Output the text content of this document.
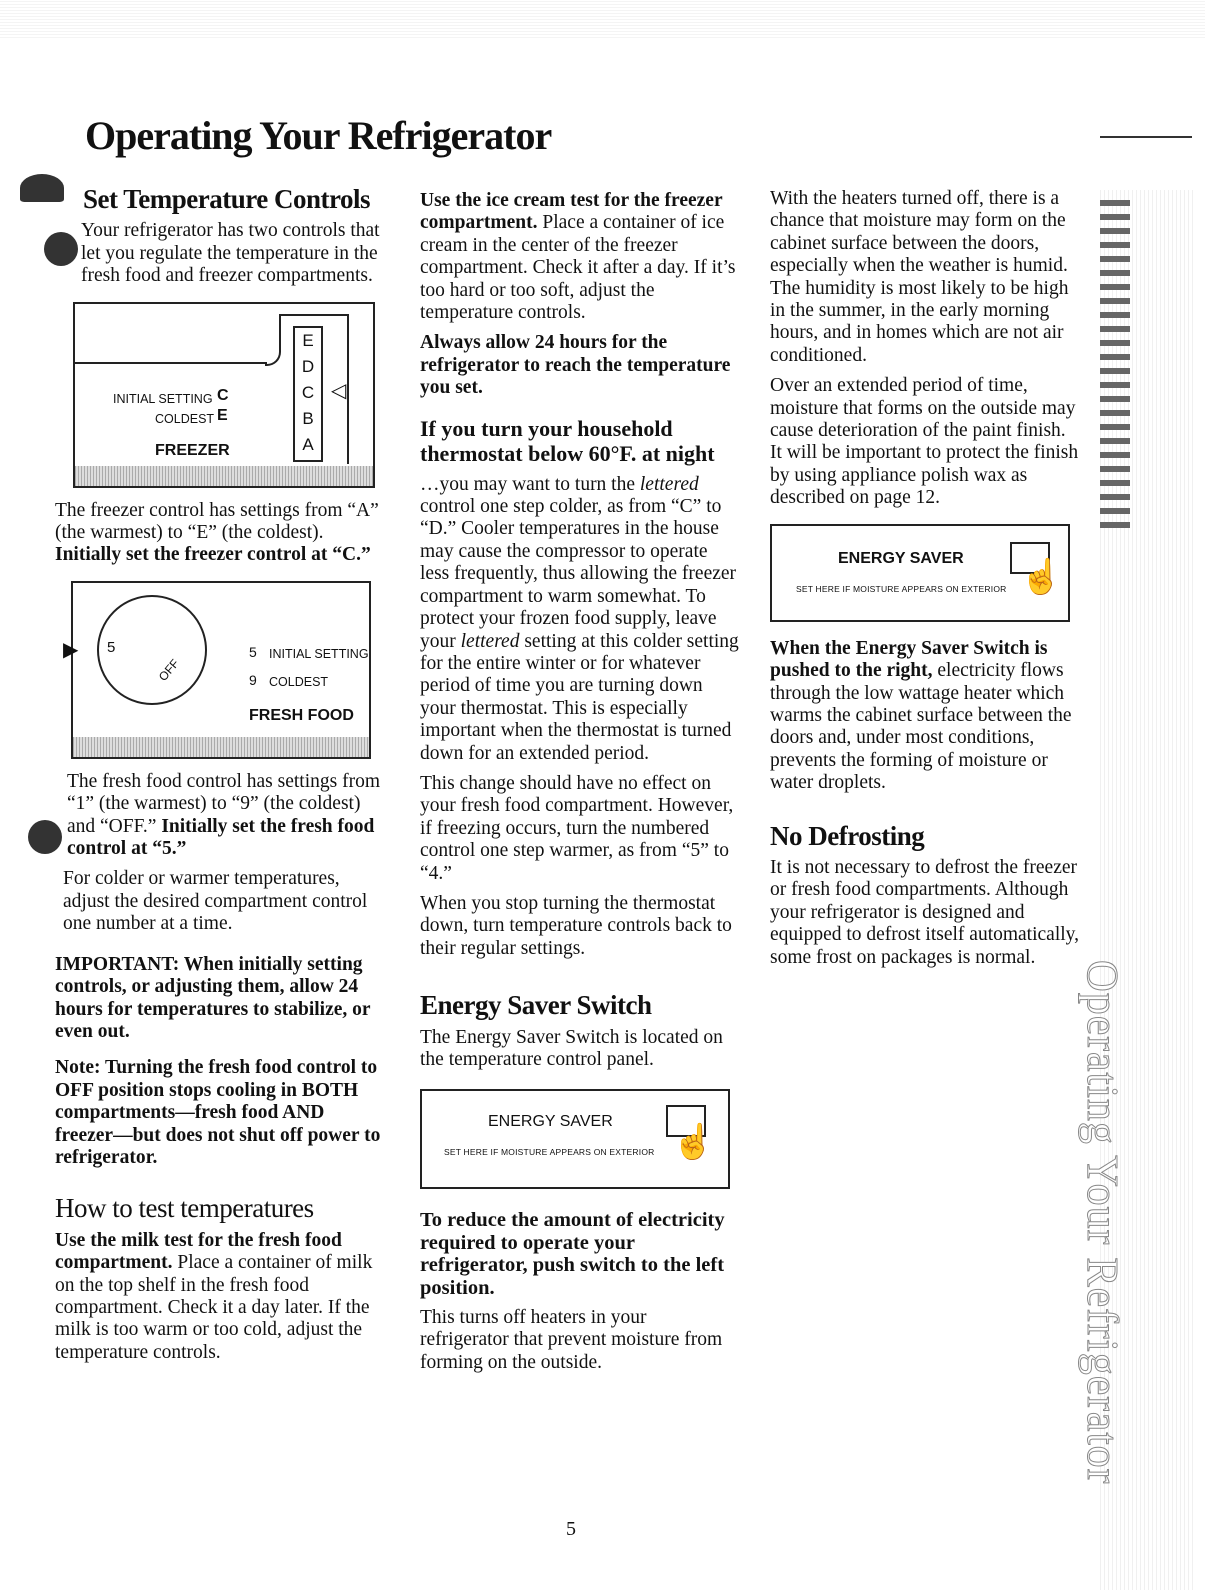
Operating Your Refrigerator
Operating Your Refrigerator
Set Temperature Controls

Your refrigerator has two controls that let you regulate the temperature in the fresh food and freezer compartments.

INITIAL SETTING C
COLDEST E
FREEZER
E
D
C
B
A
◁

The freezer control has settings from “A” (the warmest) to “E” (the coldest). Initially set the freezer control at “C.”

▶ 5
OFF
5 INITIAL SETTING
9 COLDEST
FRESH FOOD

The fresh food control has settings from “1” (the warmest) to “9” (the coldest) and “OFF.” Initially set the fresh food control at “5.”

For colder or warmer temperatures, adjust the desired compartment control one number at a time.

IMPORTANT: When initially setting controls, or adjusting them, allow 24 hours for temperatures to stabilize, or even out.

Note: Turning the fresh food control to OFF position stops cooling in BOTH compartments—fresh food AND freezer—but does not shut off power to refrigerator.

How to test temperatures

Use the milk test for the fresh food compartment. Place a container of milk on the top shelf in the fresh food compartment. Check it a day later. If the milk is too warm or too cold, adjust the temperature controls.

Use the ice cream test for the freezer compartment. Place a container of ice cream in the center of the freezer compartment. Check it after a day. If it’s too hard or too soft, adjust the temperature controls.

Always allow 24 hours for the refrigerator to reach the temperature you set.

If you turn your household thermostat below 60°F. at night

…you may want to turn the lettered control one step colder, as from “C” to “D.” Cooler temperatures in the house may cause the compressor to operate less frequently, thus allowing the freezer compartment to warm somewhat. To protect your frozen food supply, leave your lettered setting at this colder setting for the entire winter or for whatever period of time you are turning down your thermostat. This is especially important when the thermostat is turned down for an extended period.

This change should have no effect on your fresh food compartment. However, if freezing occurs, turn the numbered control one step warmer, as from “5” to “4.”

When you stop turning the thermostat down, turn temperature controls back to their regular settings.

Energy Saver Switch

The Energy Saver Switch is located on the temperature control panel.

ENERGY SAVER
SET HERE IF MOISTURE APPEARS ON EXTERIOR ☝

To reduce the amount of electricity required to operate your refrigerator, push switch to the left position.

This turns off heaters in your refrigerator that prevent moisture from forming on the outside.

With the heaters turned off, there is a chance that moisture may form on the cabinet surface between the doors, especially when the weather is humid. The humidity is most likely to be high in the summer, in the early morning hours, and in homes which are not air conditioned.

Over an extended period of time, moisture that forms on the outside may cause deterioration of the paint finish. It will be important to protect the finish by using appliance polish wax as described on page 12.

ENERGY SAVER
SET HERE IF MOISTURE APPEARS ON EXTERIOR ☝

When the Energy Saver Switch is pushed to the right, electricity flows through the low wattage heater which warms the cabinet surface between the doors and, under most conditions, prevents the forming of moisture or water droplets.

No Defrosting

It is not necessary to defrost the freezer or fresh food compartments. Although your refrigerator is designed and equipped to defrost itself automatically, some frost on packages is normal.

5
